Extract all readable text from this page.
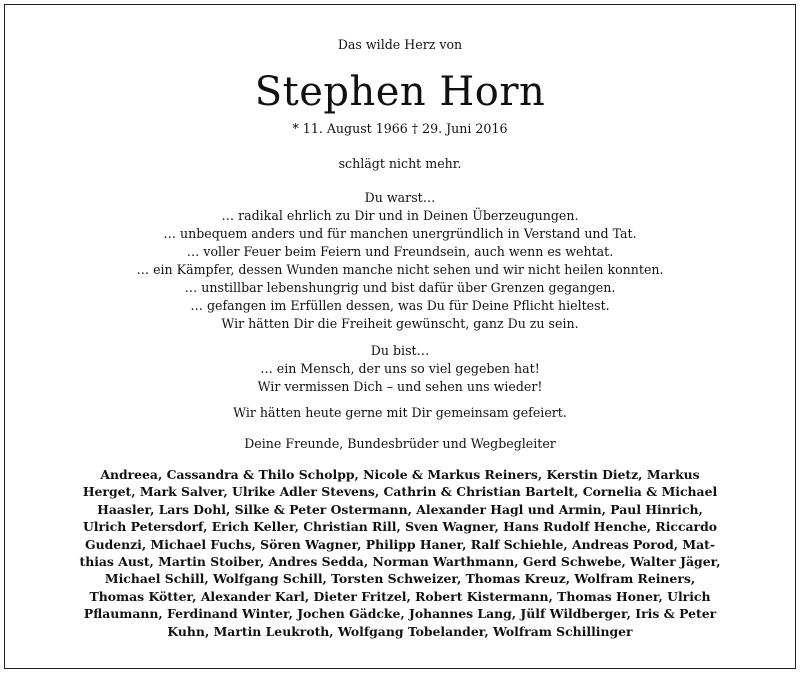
Das wilde Herz von
Stephen Horn
* 11. August 1966 † 29. Juni 2016
schlägt nicht mehr.
Du warst…
… radikal ehrlich zu Dir und in Deinen Überzeugungen.
… unbequem anders und für manchen unergründlich in Verstand und Tat.
… voller Feuer beim Feiern und Freundsein, auch wenn es wehtat.
… ein Kämpfer, dessen Wunden manche nicht sehen und wir nicht heilen konnten.
… unstillbar lebenshungrig und bist dafür über Grenzen gegangen.
… gefangen im Erfüllen dessen, was Du für Deine Pflicht hieltest.
Wir hätten Dir die Freiheit gewünscht, ganz Du zu sein.
Du bist…
… ein Mensch, der uns so viel gegeben hat!
Wir vermissen Dich – und sehen uns wieder!
Wir hätten heute gerne mit Dir gemeinsam gefeiert.
Deine Freunde, Bundesbrüder und Wegbegleiter
Andreea, Cassandra & Thilo Scholpp, Nicole & Markus Reiners, Kerstin Dietz, Markus
Herget, Mark Salver, Ulrike Adler Stevens, Cathrin & Christian Bartelt, Cornelia & Michael
Haasler, Lars Dohl, Silke & Peter Ostermann, Alexander Hagl und Armin, Paul Hinrich,
Ulrich Petersdorf, Erich Keller, Christian Rill, Sven Wagner, Hans Rudolf Henche, Riccardo
Gudenzi, Michael Fuchs, Sören Wagner, Philipp Haner, Ralf Schiehle, Andreas Porod, Mat-
thias Aust, Martin Stoiber, Andres Sedda, Norman Warthmann, Gerd Schwebe, Walter Jäger,
Michael Schill, Wolfgang Schill, Torsten Schweizer, Thomas Kreuz, Wolfram Reiners,
Thomas Kötter, Alexander Karl, Dieter Fritzel, Robert Kistermann, Thomas Honer, Ulrich
Pflaumann, Ferdinand Winter, Jochen Gädcke, Johannes Lang, Jülf Wildberger, Iris & Peter
Kuhn, Martin Leukroth, Wolfgang Tobelander, Wolfram Schillinger
